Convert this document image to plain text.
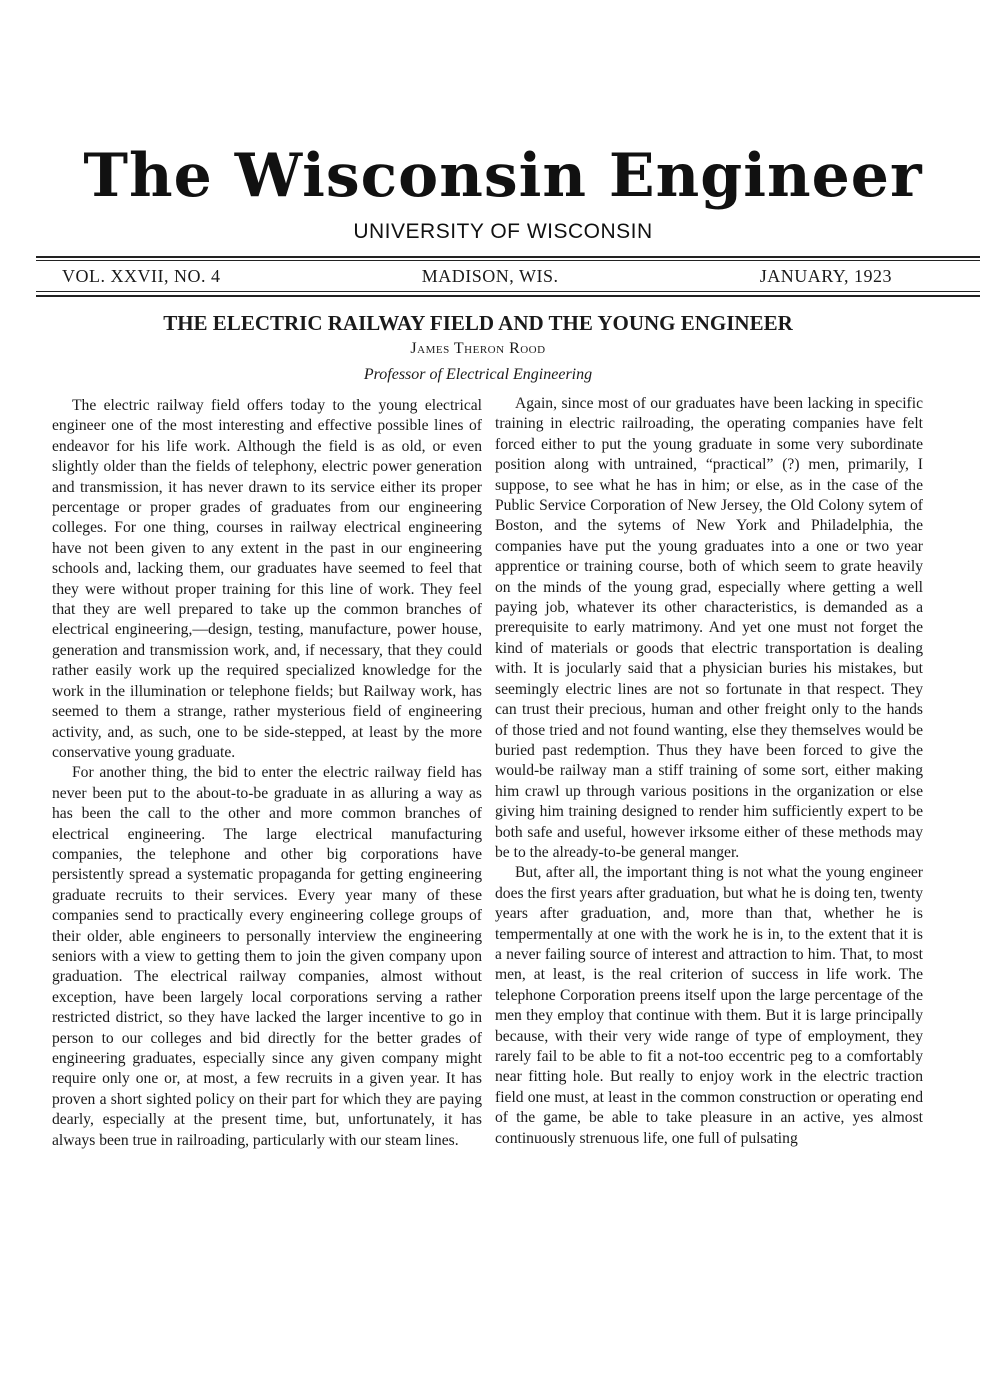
The Wisconsin Engineer
UNIVERSITY OF WISCONSIN
VOL. XXVII, NO. 4	MADISON, WIS.	JANUARY, 1923
THE ELECTRIC RAILWAY FIELD AND THE YOUNG ENGINEER
James Theron Rood
Professor of Electrical Engineering

The electric railway field offers today to the young electrical engineer one of the most interesting and effective possible lines of endeavor for his life work. Although the field is as old, or even slightly older than the fields of telephony, electric power generation and transmission, it has never drawn to its service either its proper percentage or proper grades of graduates from our engineering colleges. For one thing, courses in railway electrical engineering have not been given to any extent in the past in our engineering schools and, lacking them, our graduates have seemed to feel that they were without proper training for this line of work. They feel that they are well prepared to take up the common branches of electrical engineering,—design, testing, manufacture, power house, generation and transmission work, and, if necessary, that they could rather easily work up the required specialized knowledge for the work in the illumination or telephone fields; but Railway work, has seemed to them a strange, rather mysterious field of engineering activity, and, as such, one to be side-stepped, at least by the more conservative young graduate.

For another thing, the bid to enter the electric railway field has never been put to the about-to-be graduate in as alluring a way as has been the call to the other and more common branches of electrical engineering. The large electrical manufacturing companies, the telephone and other big corporations have persistently spread a systematic propaganda for getting engineering graduate recruits to their services. Every year many of these companies send to practically every engineering college groups of their older, able engineers to personally interview the engineering seniors with a view to getting them to join the given company upon graduation. The electrical railway companies, almost without exception, have been largely local corporations serving a rather restricted district, so they have lacked the larger incentive to go in person to our colleges and bid directly for the better grades of engineering graduates, especially since any given company might require only one or, at most, a few recruits in a given year. It has proven a short sighted policy on their part for which they are paying dearly, especially at the present time, but, unfortunately, it has always been true in railroading, particularly with our steam lines.

Again, since most of our graduates have been lacking in specific training in electric railroading, the operating companies have felt forced either to put the young graduate in some very subordinate position along with untrained, “practical” (?) men, primarily, I suppose, to see what he has in him; or else, as in the case of the Public Service Corporation of New Jersey, the Old Colony sytem of Boston, and the sytems of New York and Philadelphia, the companies have put the young graduates into a one or two year apprentice or training course, both of which seem to grate heavily on the minds of the young grad, especially where getting a well paying job, whatever its other characteristics, is demanded as a prerequisite to early matrimony. And yet one must not forget the kind of materials or goods that electric transportation is dealing with. It is jocularly said that a physician buries his mistakes, but seemingly electric lines are not so fortunate in that respect. They can trust their precious, human and other freight only to the hands of those tried and not found wanting, else they themselves would be buried past redemption. Thus they have been forced to give the would-be railway man a stiff training of some sort, either making him crawl up through various positions in the organization or else giving him training designed to render him sufficiently expert to be both safe and useful, however irksome either of these methods may be to the already-to-be general manger.

But, after all, the important thing is not what the young engineer does the first years after graduation, but what he is doing ten, twenty years after graduation, and, more than that, whether he is tempermentally at one with the work he is in, to the extent that it is a never failing source of interest and attraction to him. That, to most men, at least, is the real criterion of success in life work. The telephone Corporation preens itself upon the large percentage of the men they employ that continue with them. But it is large principally because, with their very wide range of type of employment, they rarely fail to be able to fit a not-too eccentric peg to a comfortably near fitting hole. But really to enjoy work in the electric traction field one must, at least in the common construction or operating end of the game, be able to take pleasure in an active, yes almost continuously strenuous life, one full of pulsating
